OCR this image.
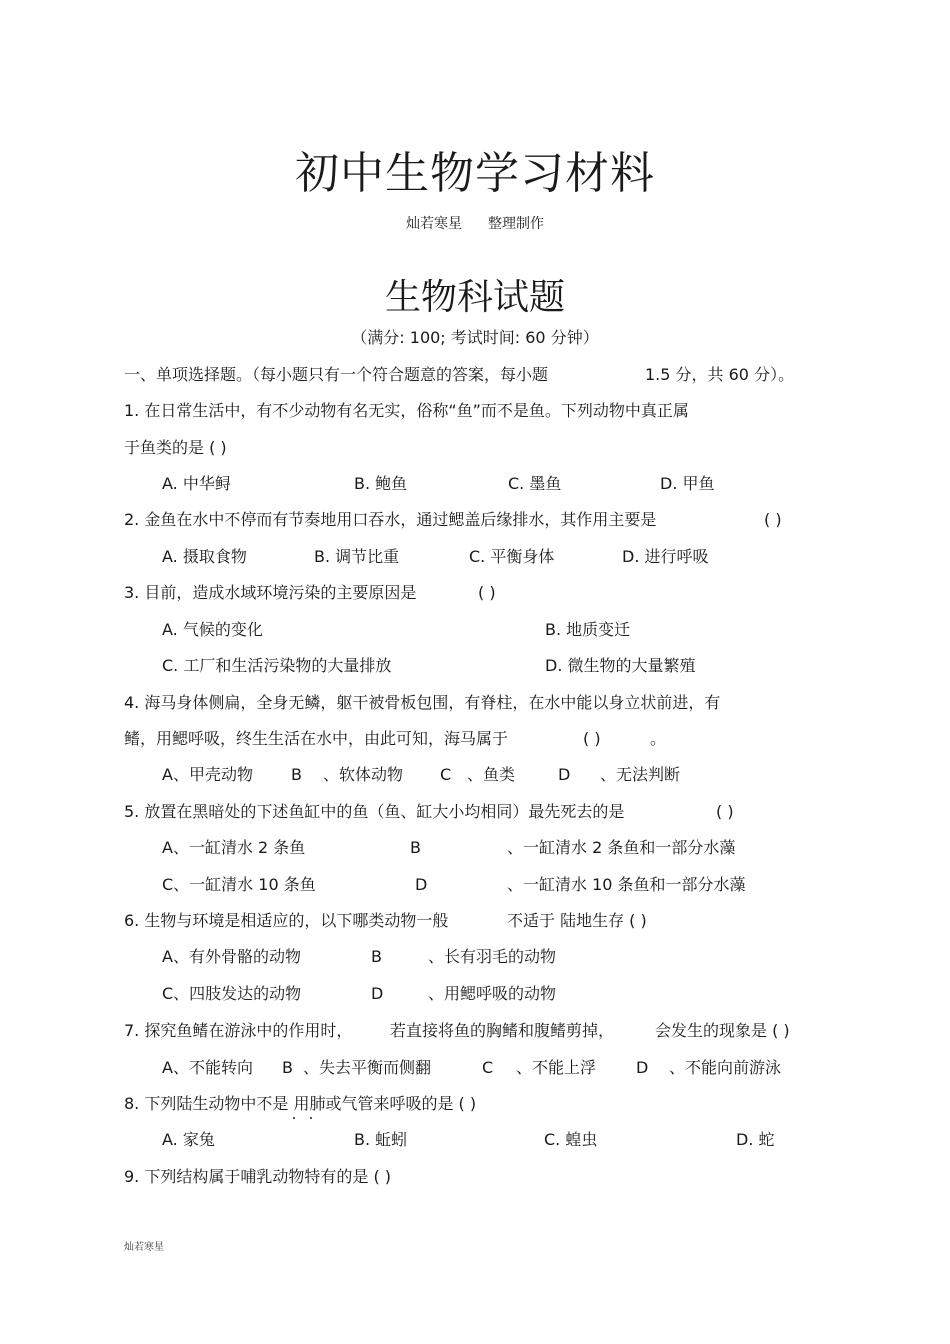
初中生物学习材料
灿若寒星 整理制作
生物科试题
（满分: 100; 考试时间: 60 分钟）
一、单项选择题。（每小题只有一个符合题意的答案，每小题	1.5 分，共 60 分）。
1. 在日常生活中，有不少动物有名无实，俗称“鱼”而不是鱼。下列动物中真正属
于鱼类的是 ( )
A. 中华鲟	B. 鲍鱼	C. 墨鱼	D. 甲鱼
2. 金鱼在水中不停而有节奏地用口吞水，通过鳃盖后缘排水，其作用主要是	( )
A. 摄取食物	B. 调节比重	C. 平衡身体	D. 进行呼吸
3. 目前，造成水域环境污染的主要原因是	( )
A. 气候的变化	B. 地质变迁
C. 工厂和生活污染物的大量排放	D. 微生物的大量繁殖
4. 海马身体侧扁，全身无鳞，躯干被骨板包围，有脊柱，在水中能以身立状前进，有
鳍，用鳃呼吸，终生生活在水中，由此可知，海马属于	( )	。
A、甲壳动物 B 、软体动物 C 、鱼类	D 、无法判断
5. 放置在黑暗处的下述鱼缸中的鱼（鱼、缸大小均相同）最先死去的是	( )
A、一缸清水 2 条鱼	B	、一缸清水 2 条鱼和一部分水藻
C、一缸清水 10 条鱼	D	、一缸清水 10 条鱼和一部分水藻
6. 生物与环境是相适应的，以下哪类动物一般	不适于 陆地生存 ( )
A、有外骨骼的动物	B	、长有羽毛的动物
C、四肢发达的动物	D	、用鳃呼吸的动物
7. 探究鱼鳍在游泳中的作用时， 若直接将鱼的胸鳍和腹鳍剪掉，	会发生的现象是 ( )
A、不能转向 B 、失去平衡而侧翻	C 、不能上浮 D 、不能向前游泳
8. 下列陆生动物中不是 用肺或气管来呼吸的是 ( )
A. 家兔	B. 蚯蚓	C. 蝗虫	D. 蛇
9. 下列结构属于哺乳动物特有的是 ( )
灿若寒星
